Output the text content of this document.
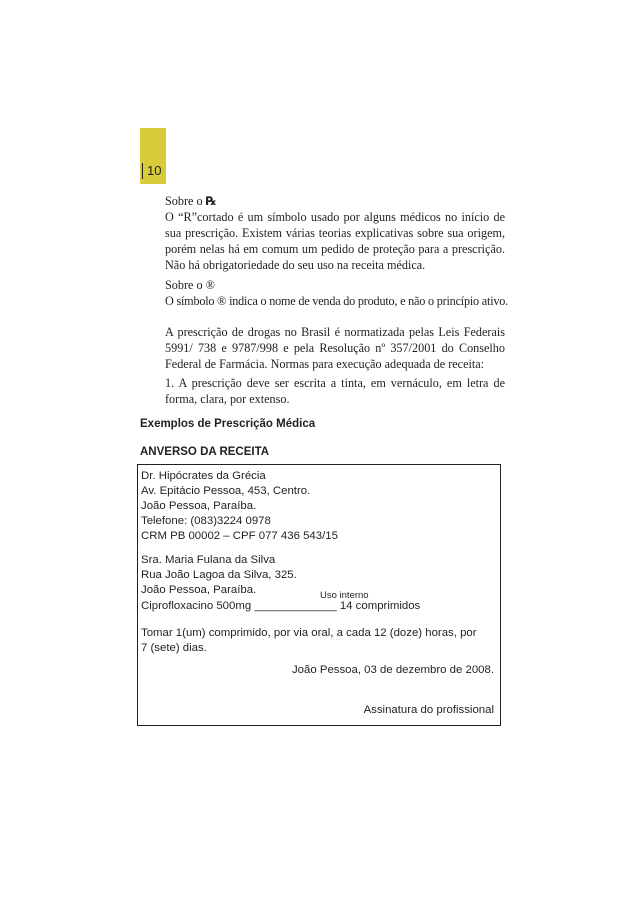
10

Sobre o ℞

O “R”cortado é um símbolo usado por alguns médicos no início de sua prescrição. Existem várias teorias explicativas sobre sua origem, porém nelas há em comum um pedido de proteção para a prescrição. Não há obrigatoriedade do seu uso na receita médica.

Sobre o ®

O símbolo ® indica o nome de venda do produto, e não o princípio ativo.

A prescrição de drogas no Brasil é normatizada pelas Leis Federais 5991/ 738 e 9787/998 e pela Resolução nº 357/2001 do Conselho Federal de Farmácia. Normas para execução adequada de receita:

1. A prescrição deve ser escrita a tinta, em vernáculo, em letra de forma, clara, por extenso.

Exemplos de Prescrição Médica
ANVERSO DA RECEITA
Dr. Hipócrates da Grécia
Av. Epitácio Pessoa, 453, Centro.
João Pessoa, Paraíba.
Telefone: (083)3224 0978
CRM PB 00002 – CPF 077 436 543/15
Sra. Maria Fulana da Silva
Rua João Lagoa da Silva, 325.
João Pessoa, Paraíba.	Uso interno
Ciprofloxacino 500mg _____________ 14 comprimidos
Tomar 1(um) comprimido, por via oral, a cada 12 (doze) horas, por
7 (sete) dias.
João Pessoa, 03 de dezembro de 2008.
Assinatura do profissional
